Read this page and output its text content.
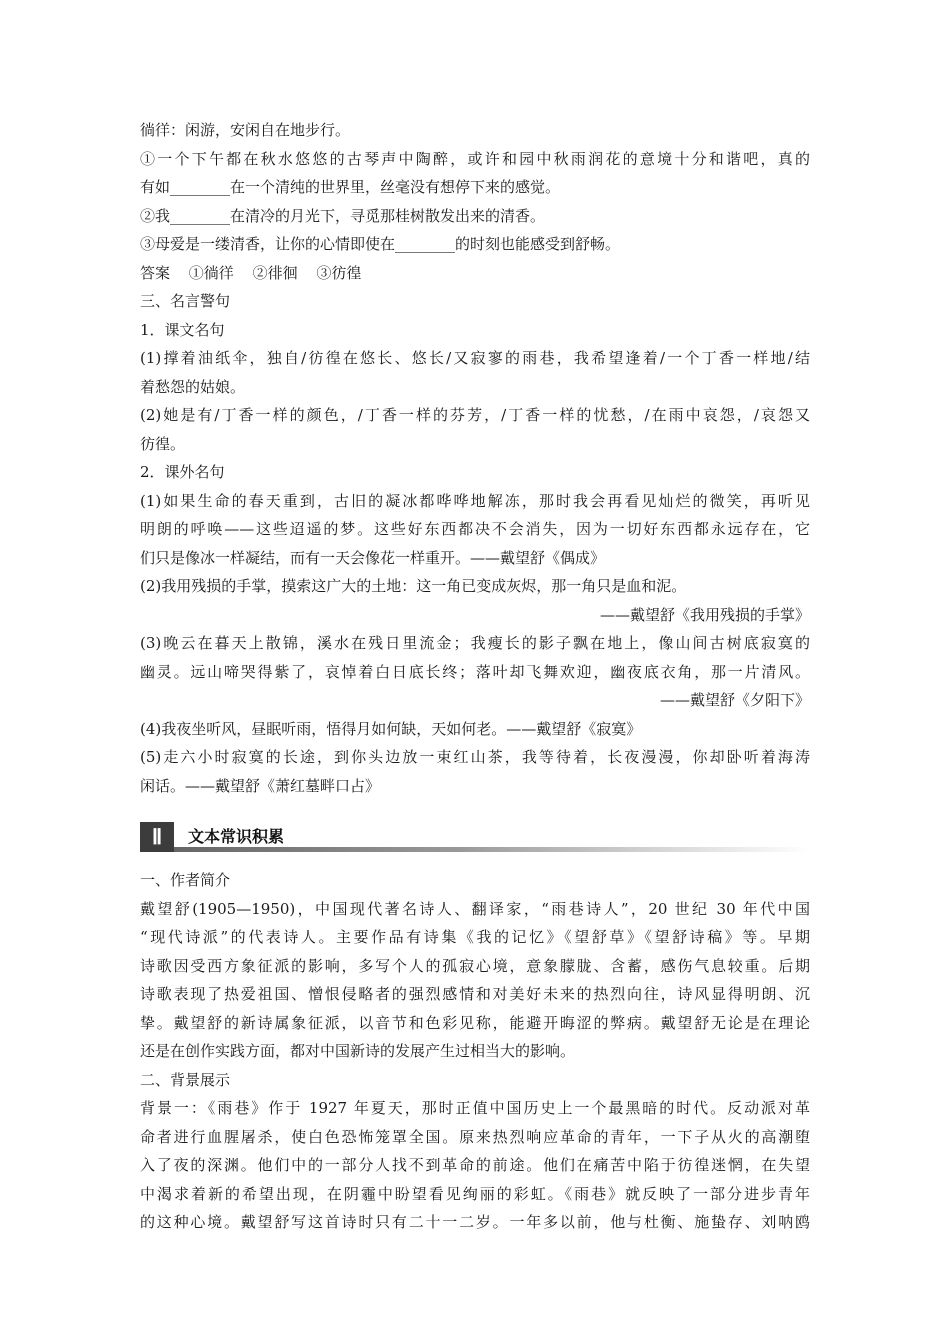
徜徉：闲游，安闲自在地步行。
①一个下午都在秋水悠悠的古琴声中陶醉，或许和园中秋雨润花的意境十分和谐吧，真的
有如________在一个清纯的世界里，丝毫没有想停下来的感觉。
②我________在清冷的月光下，寻觅那桂树散发出来的清香。
③母爱是一缕清香，让你的心情即使在________的时刻也能感受到舒畅。
答案 ①徜徉 ②徘徊 ③彷徨
三、名言警句
1．课文名句
(1)撑着油纸伞，独自/彷徨在悠长、悠长/又寂寥的雨巷，我希望逢着/一个丁香一样地/结
着愁怨的姑娘。
(2)她是有/丁香一样的颜色，/丁香一样的芬芳，/丁香一样的忧愁，/在雨中哀怨，/哀怨又
彷徨。
2．课外名句
(1)如果生命的春天重到，古旧的凝冰都哗哗地解冻，那时我会再看见灿烂的微笑，再听见
明朗的呼唤——这些迢遥的梦。这些好东西都决不会消失，因为一切好东西都永远存在，它
们只是像冰一样凝结，而有一天会像花一样重开。——戴望舒《偶成》
(2)我用残损的手掌，摸索这广大的土地：这一角已变成灰烬，那一角只是血和泥。
——戴望舒《我用残损的手掌》
(3)晚云在暮天上散锦，溪水在残日里流金；我瘦长的影子飘在地上，像山间古树底寂寞的
幽灵。远山啼哭得紫了，哀悼着白日底长终；落叶却飞舞欢迎，幽夜底衣角，那一片清风。
——戴望舒《夕阳下》
(4)我夜坐听风，昼眠听雨，悟得月如何缺，天如何老。——戴望舒《寂寞》
(5)走六小时寂寞的长途，到你头边放一束红山茶，我等待着，长夜漫漫，你却卧听着海涛
闲话。——戴望舒《萧红墓畔口占》
Ⅱ	文本常识积累
一、作者简介
戴望舒(1905—1950)，中国现代著名诗人、翻译家，“雨巷诗人”，20 世纪 30 年代中国
“现代诗派”的代表诗人。主要作品有诗集《我的记忆》《望舒草》《望舒诗稿》等。早期
诗歌因受西方象征派的影响，多写个人的孤寂心境，意象朦胧、含蓄，感伤气息较重。后期
诗歌表现了热爱祖国、憎恨侵略者的强烈感情和对美好未来的热烈向往，诗风显得明朗、沉
挚。戴望舒的新诗属象征派，以音节和色彩见称，能避开晦涩的弊病。戴望舒无论是在理论
还是在创作实践方面，都对中国新诗的发展产生过相当大的影响。
二、背景展示
背景一：《雨巷》作于 1927 年夏天，那时正值中国历史上一个最黑暗的时代。反动派对革
命者进行血腥屠杀，使白色恐怖笼罩全国。原来热烈响应革命的青年，一下子从火的高潮堕
入了夜的深渊。他们中的一部分人找不到革命的前途。他们在痛苦中陷于彷徨迷惘，在失望
中渴求着新的希望出现，在阴霾中盼望看见绚丽的彩虹。《雨巷》就反映了一部分进步青年
的这种心境。戴望舒写这首诗时只有二十一二岁。一年多以前，他与杜衡、施蛰存、刘呐鸥
